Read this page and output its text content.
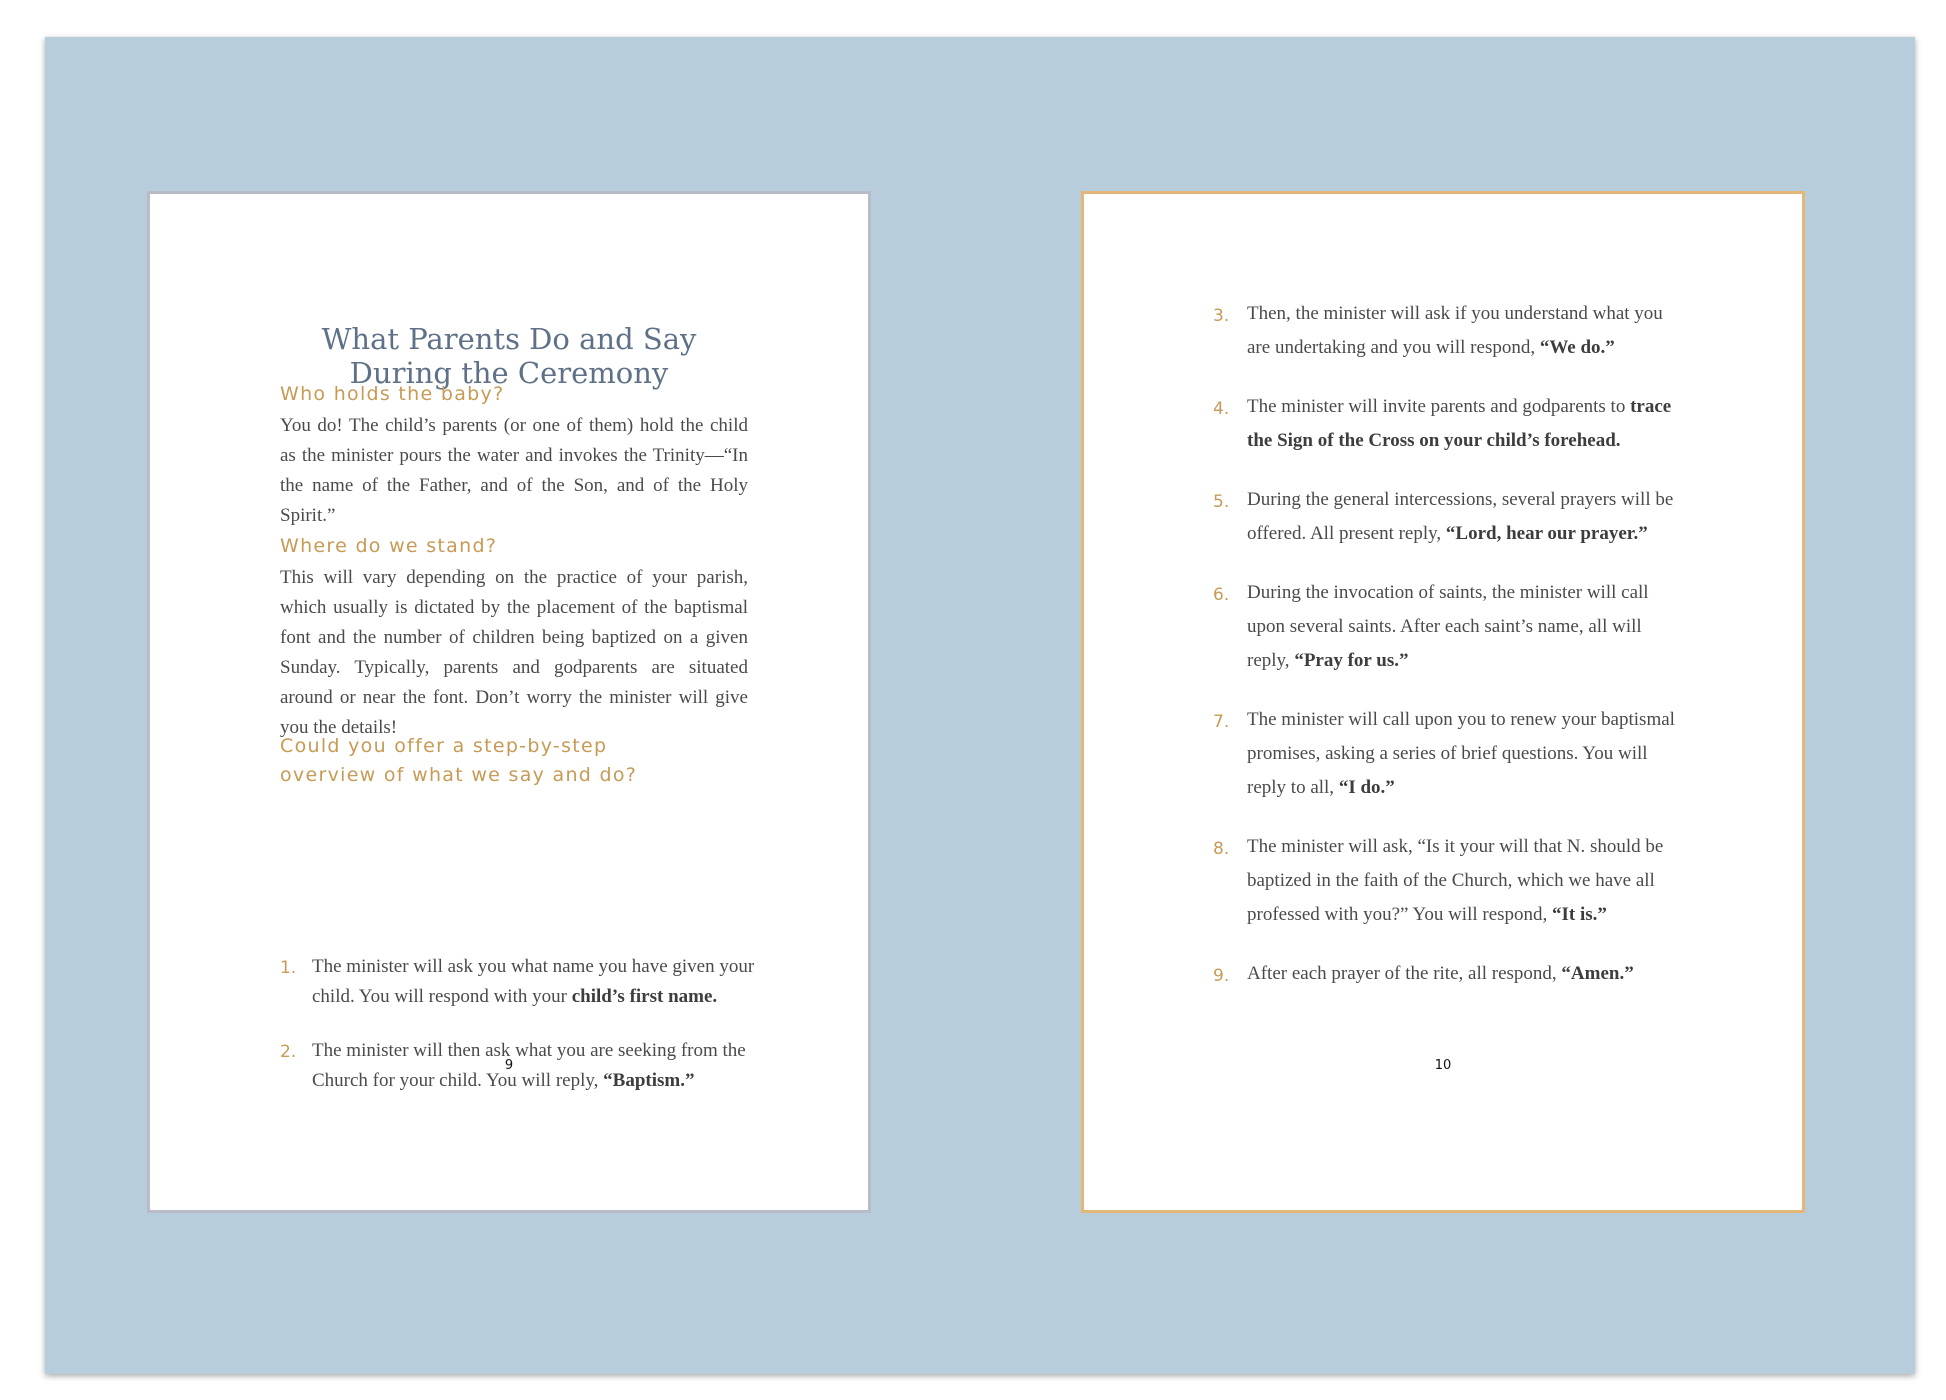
What Parents Do and Say
During the Ceremony
Who holds the baby?

You do! The child’s parents (or one of them) hold the child as the minister pours the water and invokes the Trinity—“In the name of the Father, and of the Son, and of the Holy Spirit.”

Where do we stand?

This will vary depending on the practice of your parish, which usually is dictated by the placement of the baptismal font and the number of children being baptized on a given Sunday. Typically, parents and godparents are situated around or near the font. Don’t worry the minister will give you the details!

Could you offer a step-by-step
overview of what we say and do?
1. The minister will ask you what name you have given your child. You will respond with your child’s first name.
2. The minister will then ask what you are seeking from the Church for your child. You will reply, “Baptism.”
3. Then, the minister will ask if you understand what you are undertaking and you will respond, “We do.”
4. The minister will invite parents and godparents to trace the Sign of the Cross on your child’s forehead.
5. During the general intercessions, several prayers will be offered. All present reply, “Lord, hear our prayer.”
6. During the invocation of saints, the minister will call upon several saints. After each saint’s name, all will reply, “Pray for us.”
7. The minister will call upon you to renew your baptismal promises, asking a series of brief questions. You will reply to all, “I do.”
8. The minister will ask, “Is it your will that N. should be baptized in the faith of the Church, which we have all professed with you?” You will respond, “It is.”
9. After each prayer of the rite, all respond, “Amen.”
9	10
